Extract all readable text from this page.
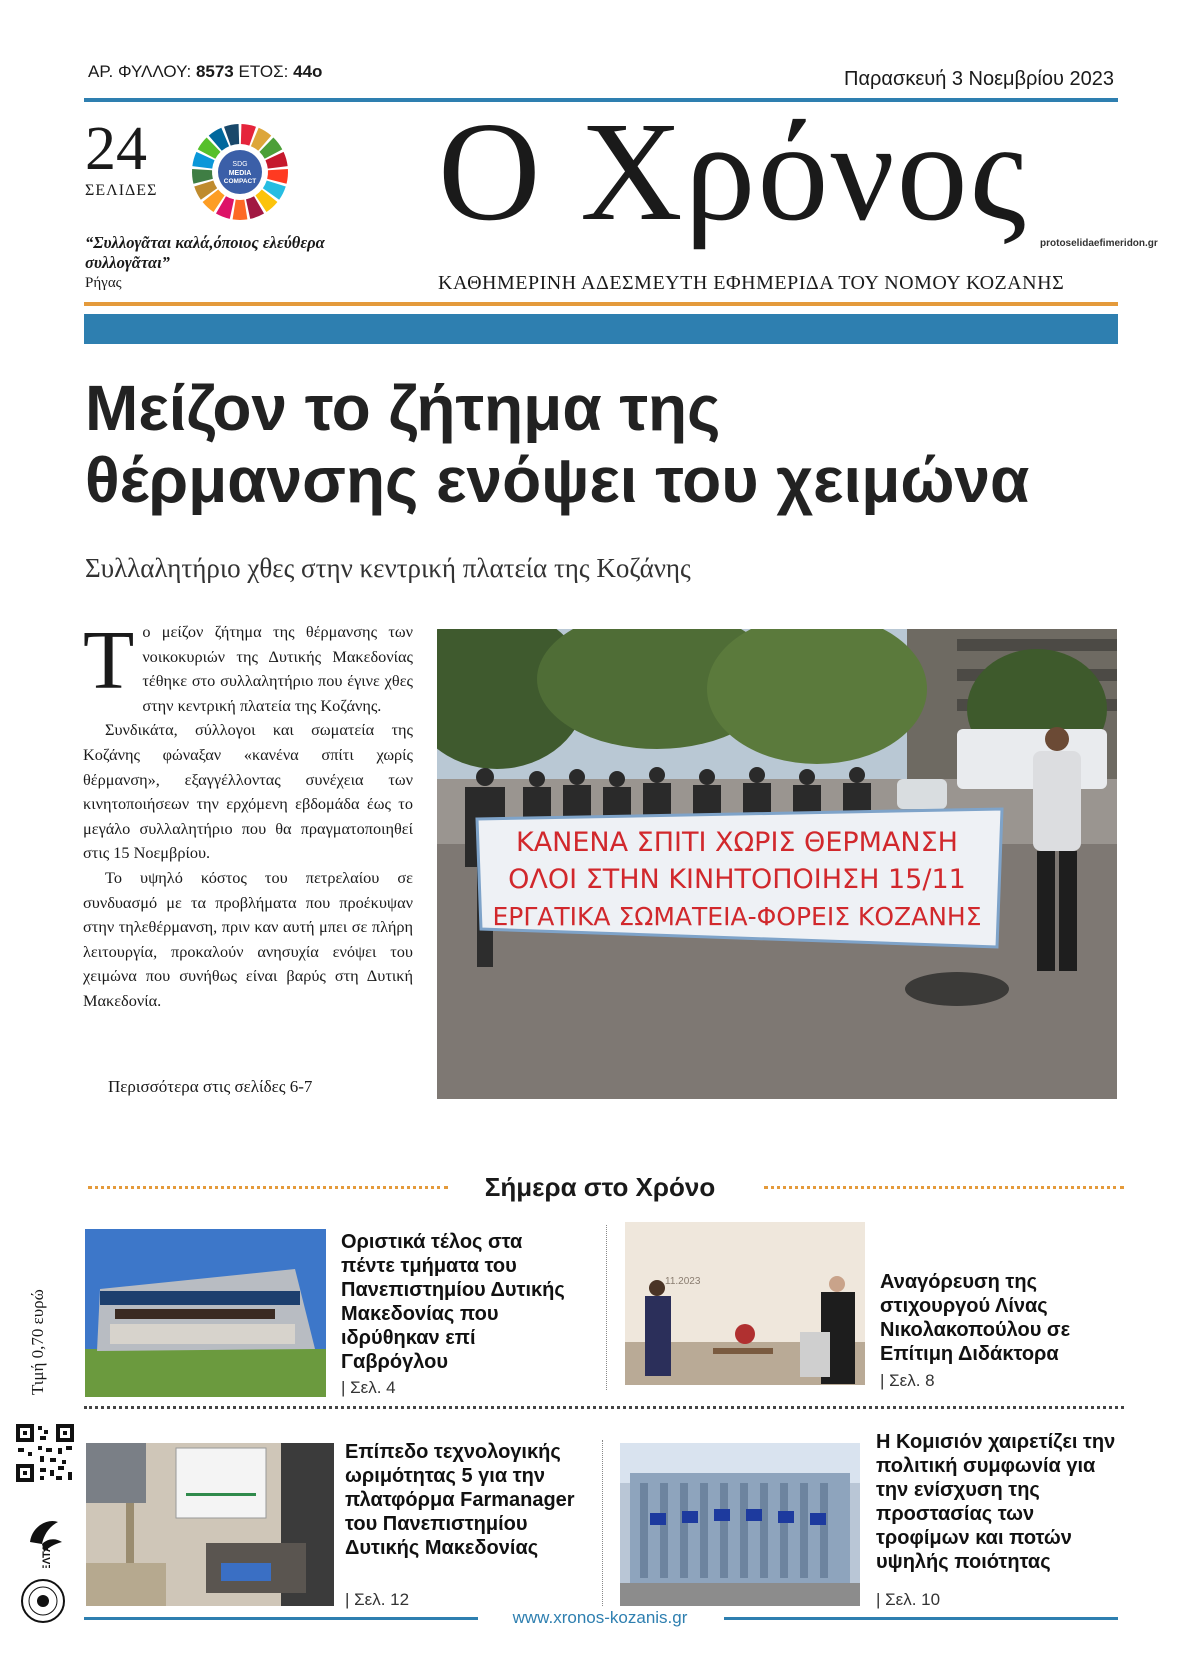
ΑΡ. ΦΥΛΛΟΥ: 8573 ΕΤΟΣ: 44ο	Παρασκευή 3 Νοεμβρίου 2023
24
ΣΕΛΙΔΕΣ
SDG
MEDIA
COMPACT
“Συλλογᾶται καλά,όποιος ελεύθερα συλλογᾶται”
Ρήγας
Ο Χρόνος protoselidaefimeridon.gr
ΚΑΘΗΜΕΡΙΝΗ ΑΔΕΣΜΕΥΤΗ ΕΦΗΜΕΡΙΔΑ ΤΟΥ ΝΟΜΟΥ ΚΟΖΑΝΗΣ
Μείζον το ζήτημα της
θέρμανσης ενόψει του χειμώνα
Συλλαλητήριο χθες στην κεντρική πλατεία της Κοζάνης

Το μείζον ζήτημα της θέρμανσης των νοικοκυριών της Δυτικής Μακεδονίας τέθηκε στο συλλαλητήριο που έγινε χθες στην κεντρική πλατεία της Κοζάνης.

Συνδικάτα, σύλλογοι και σωματεία της Κοζάνης φώναξαν «κανένα σπίτι χωρίς θέρμανση», εξαγγέλλοντας συνέχεια των κινητοποιήσεων την ερχόμενη εβδομάδα έως το μεγάλο συλλαλητήριο που θα πραγματοποιηθεί στις 15 Νοεμβρίου.

Το υψηλό κόστος του πετρελαίου σε συνδυασμό με τα προβλήματα που προέκυψαν στην τηλεθέρμανση, πριν καν αυτή μπει σε πλήρη λειτουργία, προκαλούν ανησυχία ενόψει του χειμώνα που συνήθως είναι βαρύς στη Δυτική Μακεδονία.

Περισσότερα στις σελίδες 6-7
ΚΑΝΕΝΑ ΣΠΙΤΙ ΧΩΡΙΣ ΘΕΡΜΑΝΣΗ
ΟΛΟΙ ΣΤΗΝ ΚΙΝΗΤΟΠΟΙΗΣΗ 15/11
ΕΡΓΑΤΙΚΑ ΣΩΜΑΤΕΙΑ-ΦΟΡΕΙΣ ΚΟΖΑΝΗΣ
Σήμερα στο Χρόνο
Οριστικά τέλος στα πέντε τμήματα του Πανεπιστημίου Δυτικής Μακεδονίας που ιδρύθηκαν επί Γαβρόγλου
| Σελ. 4
11.2023	Αναγόρευση της στιχουργού Λίνας Νικολακοπούλου σε Επίτιμη Διδάκτορα
| Σελ. 8
Επίπεδο τεχνολογικής ωριμότητας 5 για την πλατφόρμα Farmanager του Πανεπιστημίου Δυτικής Μακεδονίας
| Σελ. 12
Η Κομισιόν χαιρετίζει την πολιτική συμφωνία για την ενίσχυση της προστασίας των τροφίμων και ποτών υψηλής ποιότητας
| Σελ. 10
Τιμή 0,70 ευρώ
ΕΛΤΑ
www.xronos-kozanis.gr
